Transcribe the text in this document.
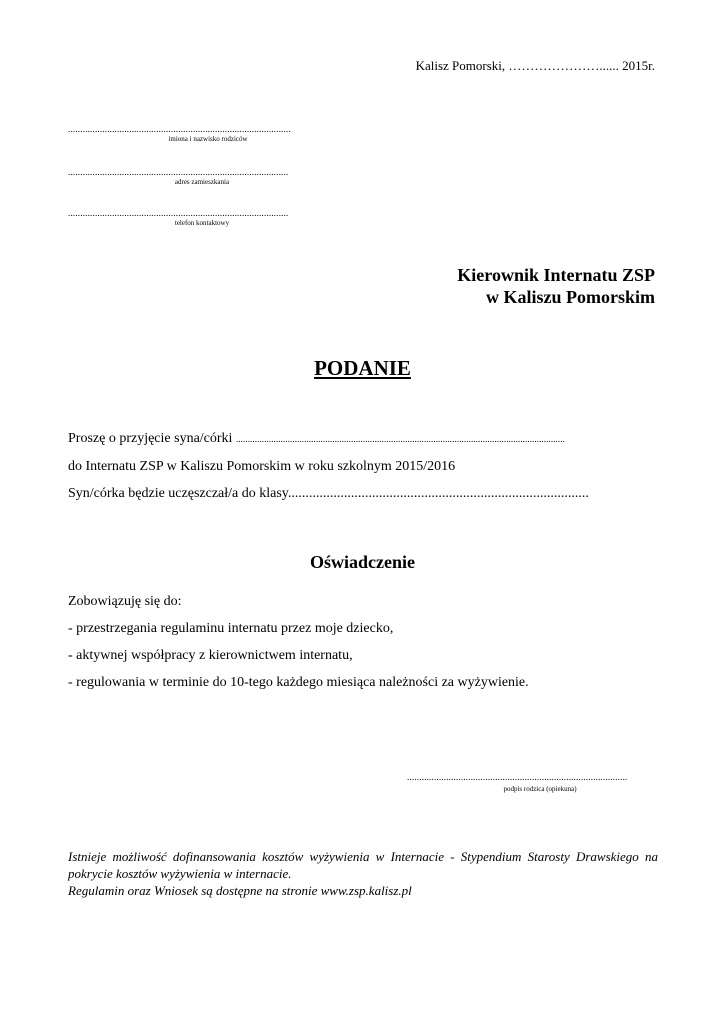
Kalisz Pomorski, …………………...... 2015r.
...........................................................................................
imiona i nazwisko rodziców
..........................................................................................
adres zamieszkania
..........................................................................................
telefon kontaktowy
Kierownik Internatu ZSP
w Kaliszu Pomorskim
PODANIE
Proszę o przyjęcie syna/córki ............................................................................................................................................
do Internatu ZSP w Kaliszu Pomorskim w roku szkolnym 2015/2016
Syn/córka będzie uczęszczał/a do klasy......................................................................................
Oświadczenie
Zobowiązuję się do:
- przestrzegania regulaminu internatu przez moje dziecko,
- aktywnej współpracy z kierownictwem internatu,
- regulowania w terminie do 10-tego każdego miesiąca należności za wyżywienie.
..........................................................................................
podpis rodzica (opiekuna)

Istnieje możliwość dofinansowania kosztów wyżywienia w Internacie - Stypendium Starosty Drawskiego na pokrycie kosztów wyżywienia w internacie.

Regulamin oraz Wniosek są dostępne na stronie www.zsp.kalisz.pl
